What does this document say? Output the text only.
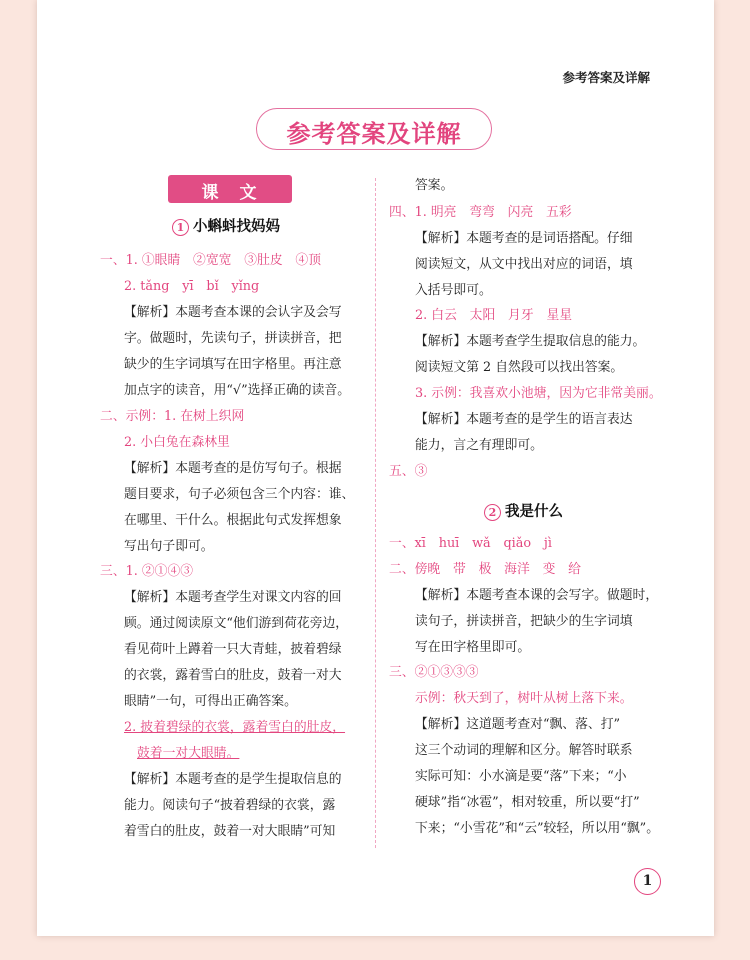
参考答案及详解
参考答案及详解
课　文
1 小蝌蚪找妈妈
一、1. ①眼睛　②宽宽　③肚皮　④顶
2. tǎng　yī　bǐ　yǐng
【解析】本题考查本课的会认字及会写
字。做题时，先读句子，拼读拼音，把
缺少的生字词填写在田字格里。再注意
加点字的读音，用“√”选择正确的读音。
二、示例：1. 在树上织网
2. 小白兔在森林里
【解析】本题考查的是仿写句子。根据
题目要求，句子必须包含三个内容：谁、
在哪里、干什么。根据此句式发挥想象
写出句子即可。
三、1. ②①④③
【解析】本题考查学生对课文内容的回
顾。通过阅读原文“他们游到荷花旁边，
看见荷叶上蹲着一只大青蛙，披着碧绿
的衣裳，露着雪白的肚皮，鼓着一对大
眼睛”一句，可得出正确答案。
2. 披着碧绿的衣裳，露着雪白的肚皮，
鼓着一对大眼睛。
【解析】本题考查的是学生提取信息的
能力。阅读句子“披着碧绿的衣裳，露
着雪白的肚皮，鼓着一对大眼睛”可知
答案。
四、1. 明亮　弯弯　闪亮　五彩
【解析】本题考查的是词语搭配。仔细
阅读短文，从文中找出对应的词语，填
入括号即可。
2. 白云　太阳　月牙　星星
【解析】本题考查学生提取信息的能力。
阅读短文第 2 自然段可以找出答案。
3. 示例：我喜欢小池塘，因为它非常美丽。
【解析】本题考查的是学生的语言表达
能力，言之有理即可。
五、③
2 我是什么
一、xī　huī　wǎ　qiǎo　jì
二、傍晚　带　极　海洋　变　给
【解析】本题考查本课的会写字。做题时，
读句子，拼读拼音，把缺少的生字词填
写在田字格里即可。
三、②①③③③
示例：秋天到了，树叶从树上落下来。
【解析】这道题考查对“飘、落、打”
这三个动词的理解和区分。解答时联系
实际可知：小水滴是要“落”下来；“小
硬球”指“冰雹”，相对较重，所以要“打”
下来；“小雪花”和“云”较轻，所以用“飘”。
1
